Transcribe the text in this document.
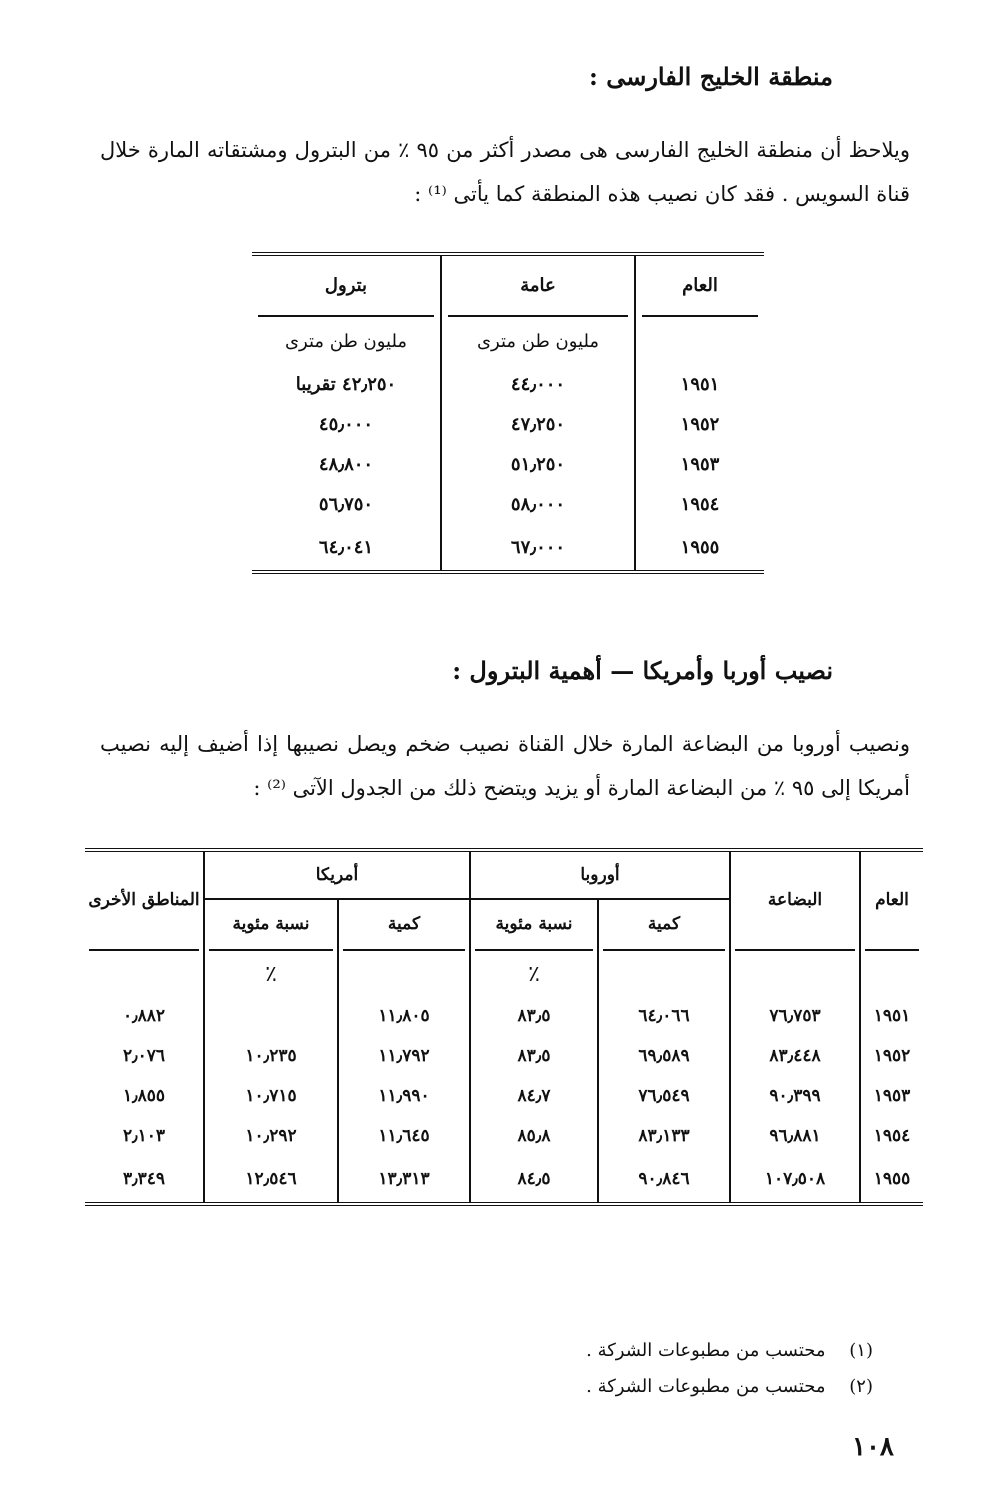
منطقة الخليج الفارسى :
ويلاحظ أن منطقة الخليج الفارسى هى مصدر أكثر من ٩٥ ٪ من البترول ومشتقاته المارة خلال قناة السويس . فقد كان نصيب هذه المنطقة كما يأتى ⁽¹⁾ :
العام	عامة	بترول

	مليون طن مترى	مليون طن مترى
١٩٥١	٤٤٫٠٠٠	٤٢٫٢٥٠ تقريبا
١٩٥٢	٤٧٫٢٥٠	٤٥٫٠٠٠
١٩٥٣	٥١٫٢٥٠	٤٨٫٨٠٠
١٩٥٤	٥٨٫٠٠٠	٥٦٫٧٥٠
١٩٥٥	٦٧٫٠٠٠	٦٤٫٠٤١
نصيب أوربا وأمريكا — أهمية البترول :
ونصيب أوروبا من البضاعة المارة خلال القناة نصيب ضخم ويصل نصيبها إذا أضيف إليه نصيب أمريكا إلى ٩٥ ٪ من البضاعة المارة أو يزيد ويتضح ذلك من الجدول الآتى ⁽²⁾ :
العام	البضاعة	أوروبا		أمريكا		المناطق الأخرى
		كمية	نسبة مئوية	كمية	نسبة مئوية	

			٪		٪	
١٩٥١	٧٦٫٧٥٣	٦٤٫٠٦٦	٨٣٫٥	١١٫٨٠٥		٠٫٨٨٢
١٩٥٢	٨٣٫٤٤٨	٦٩٫٥٨٩	٨٣٫٥	١١٫٧٩٢	١٠٫٢٣٥	٢٫٠٧٦
١٩٥٣	٩٠٫٣٩٩	٧٦٫٥٤٩	٨٤٫٧	١١٫٩٩٠	١٠٫٧١٥	١٫٨٥٥
١٩٥٤	٩٦٫٨٨١	٨٣٫١٣٣	٨٥٫٨	١١٫٦٤٥	١٠٫٢٩٢	٢٫١٠٣
١٩٥٥	١٠٧٫٥٠٨	٩٠٫٨٤٦	٨٤٫٥	١٣٫٣١٣	١٢٫٥٤٦	٣٫٣٤٩
(١) محتسب من مطبوعات الشركة .
(٢) محتسب من مطبوعات الشركة .
١٠٨
